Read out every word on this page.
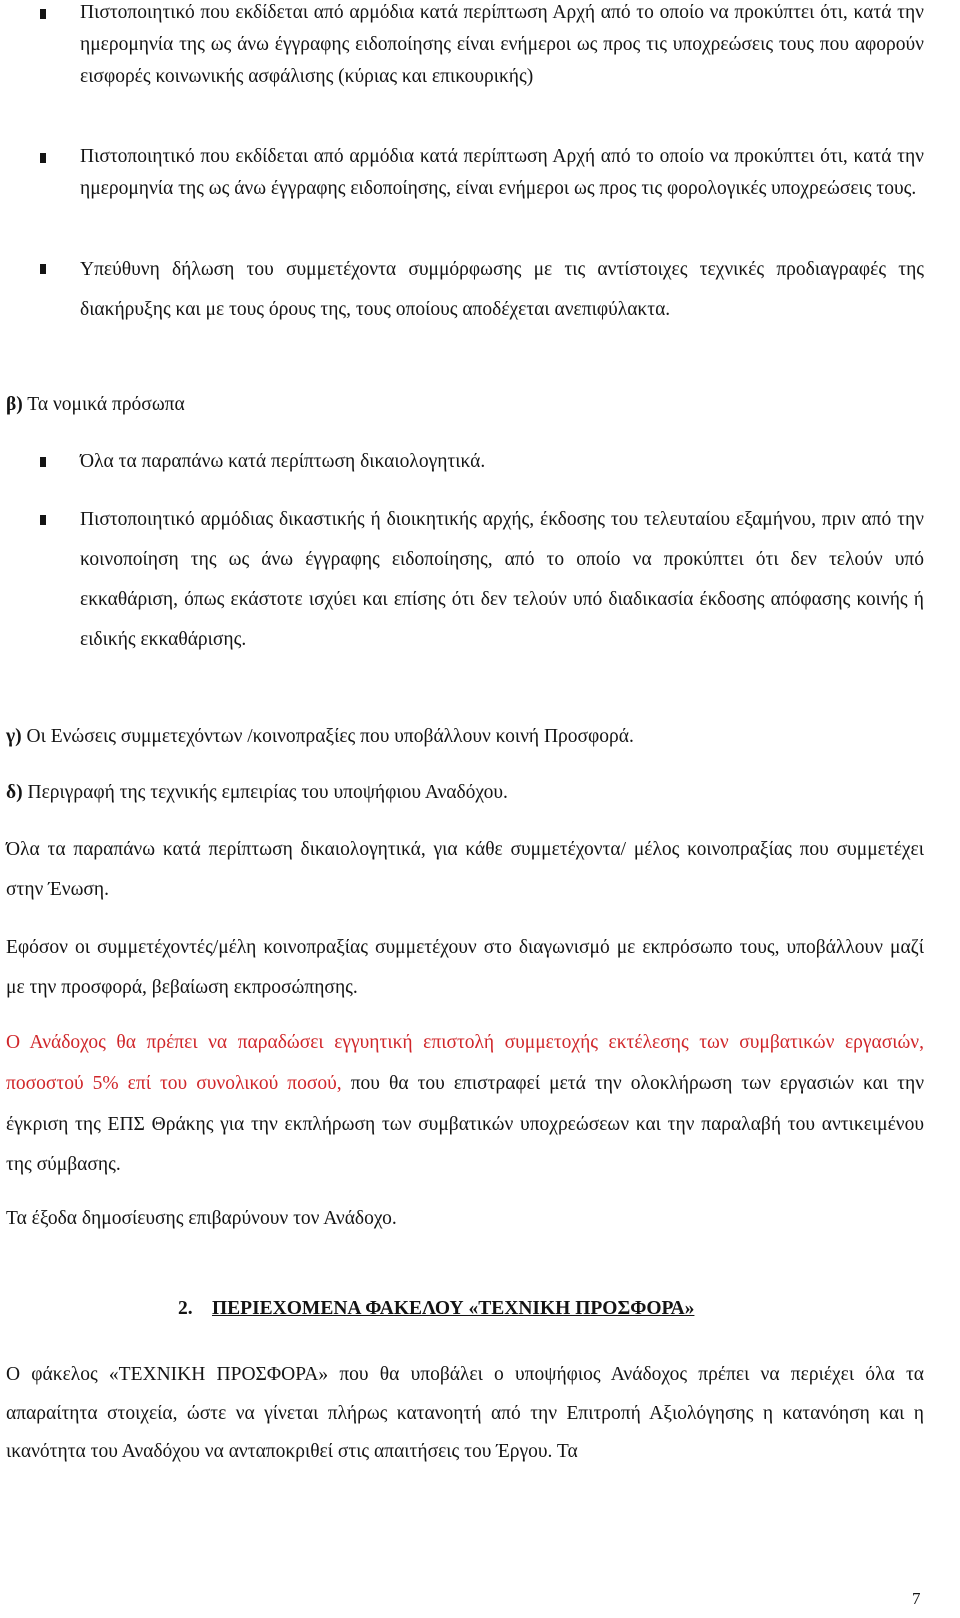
Πιστοποιητικό που εκδίδεται από αρμόδια κατά περίπτωση Αρχή από το οποίο να προκύπτει ότι, κατά την ημερομηνία της ως άνω έγγραφης ειδοποίησης είναι ενήμεροι ως προς τις υποχρεώσεις τους που αφορούν εισφορές κοινωνικής ασφάλισης (κύριας και επικουρικής)
Πιστοποιητικό που εκδίδεται από αρμόδια κατά περίπτωση Αρχή από το οποίο να προκύπτει ότι, κατά την ημερομηνία της ως άνω έγγραφης ειδοποίησης, είναι ενήμεροι ως προς τις φορολογικές υποχρεώσεις τους.
Υπεύθυνη δήλωση του συμμετέχοντα συμμόρφωσης με τις αντίστοιχες τεχνικές προδιαγραφές της διακήρυξης και με τους όρους της, τους οποίους αποδέχεται ανεπιφύλακτα.
β) Τα νομικά πρόσωπα
Όλα τα παραπάνω κατά περίπτωση δικαιολογητικά.
Πιστοποιητικό αρμόδιας δικαστικής ή διοικητικής αρχής, έκδοσης του τελευταίου εξαμήνου, πριν από την κοινοποίηση της ως άνω έγγραφης ειδοποίησης, από το οποίο να προκύπτει ότι δεν τελούν υπό εκκαθάριση, όπως εκάστοτε ισχύει και επίσης ότι δεν τελούν υπό διαδικασία έκδοσης απόφασης κοινής ή ειδικής εκκαθάρισης.
γ) Οι Ενώσεις συμμετεχόντων /κοινοπραξίες που υποβάλλουν κοινή Προσφορά.
δ) Περιγραφή της τεχνικής εμπειρίας του υποψήφιου Αναδόχου.
Όλα τα παραπάνω κατά περίπτωση δικαιολογητικά, για κάθε συμμετέχοντα/ μέλος κοινοπραξίας που συμμετέχει στην Ένωση.
Εφόσον οι συμμετέχοντές/μέλη κοινοπραξίας συμμετέχουν στο διαγωνισμό με εκπρόσωπο τους, υποβάλλουν μαζί με την προσφορά, βεβαίωση εκπροσώπησης.
Ο Ανάδοχος θα πρέπει να παραδώσει εγγυητική επιστολή συμμετοχής εκτέλεσης των συμβατικών εργασιών, ποσοστού 5% επί του συνολικού ποσού, που θα του επιστραφεί μετά την ολοκλήρωση των εργασιών και την έγκριση της ΕΠΣ Θράκης για την εκπλήρωση των συμβατικών υποχρεώσεων και την παραλαβή του αντικειμένου της σύμβασης.
Τα έξοδα δημοσίευσης επιβαρύνουν τον Ανάδοχο.
2. ΠΕΡΙΕΧΟΜΕΝΑ ΦΑΚΕΛΟΥ «ΤΕΧΝΙΚΗ ΠΡΟΣΦΟΡΑ»
Ο φάκελος «ΤΕΧΝΙΚΗ ΠΡΟΣΦΟΡΑ» που θα υποβάλει ο υποψήφιος Ανάδοχος πρέπει να περιέχει όλα τα απαραίτητα στοιχεία, ώστε να γίνεται πλήρως κατανοητή από την Επιτροπή Αξιολόγησης η κατανόηση και η ικανότητα του Αναδόχου να ανταποκριθεί στις απαιτήσεις του Έργου. Τα
7
